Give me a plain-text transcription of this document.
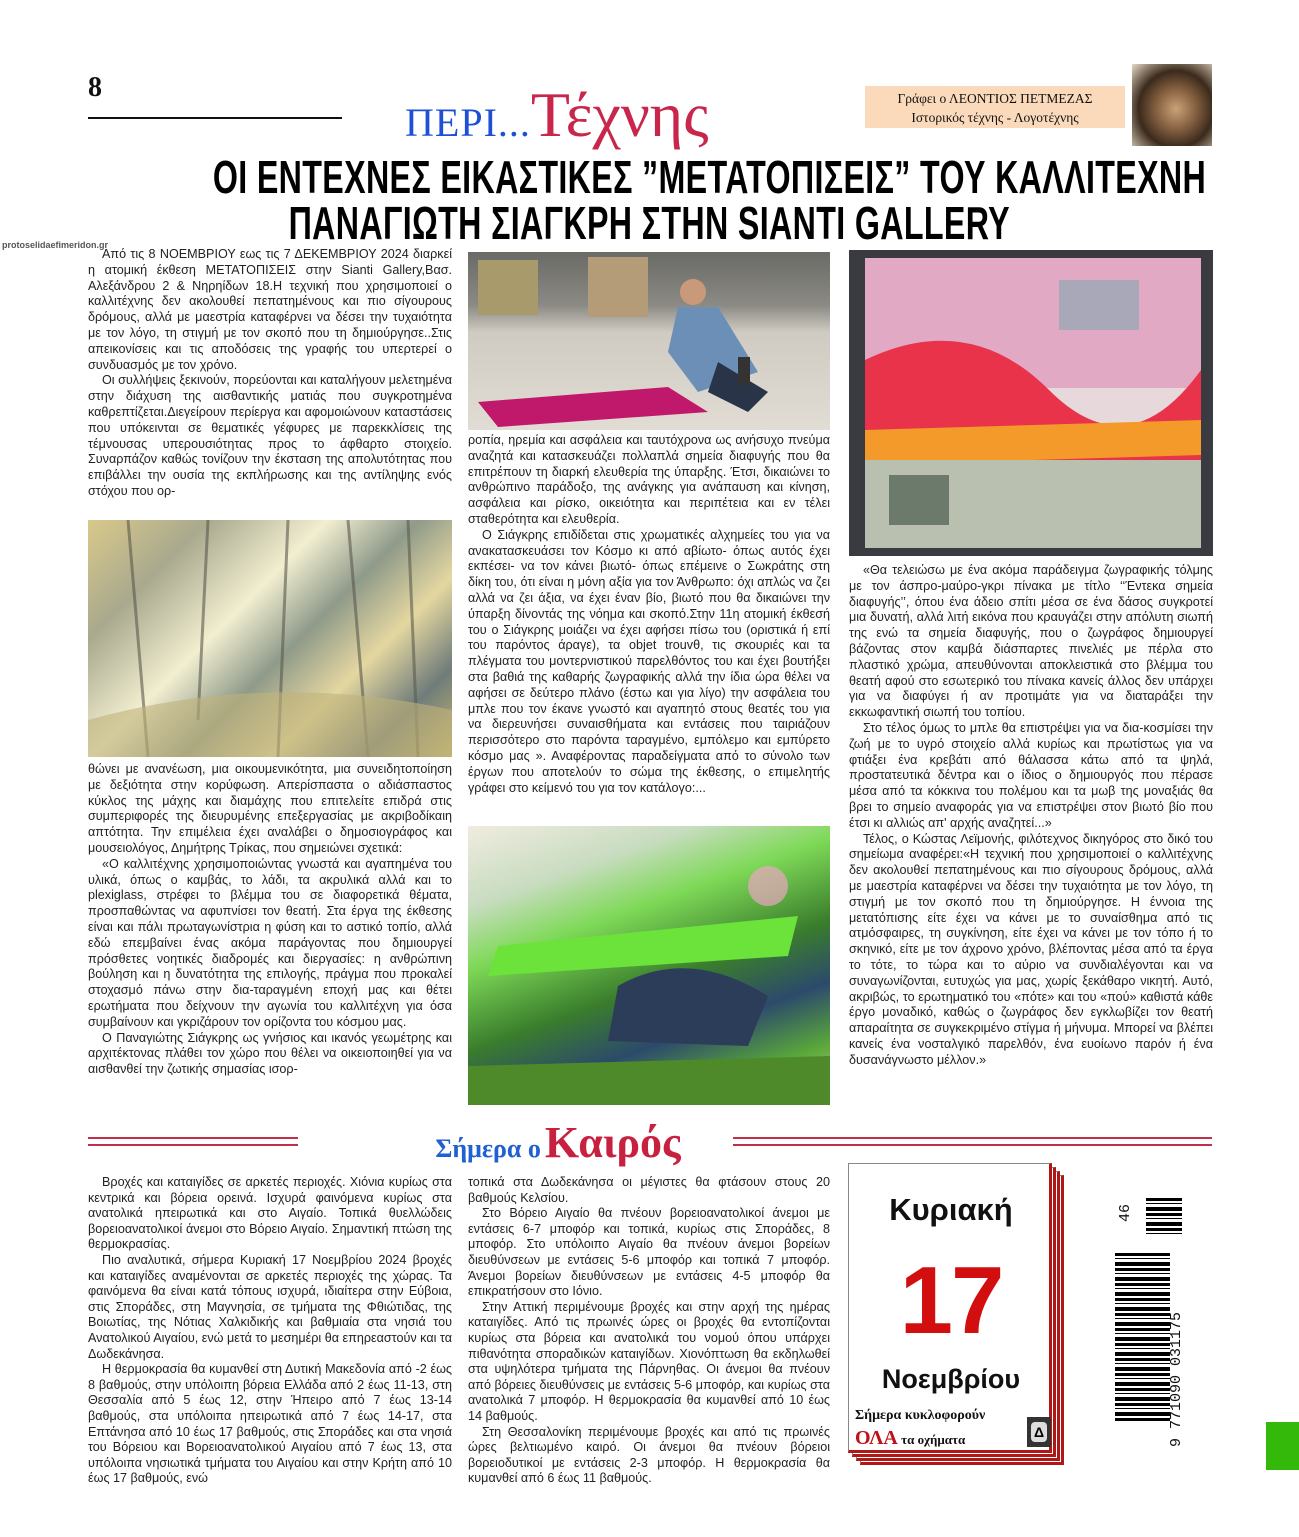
8
ΠΕΡΙ...Τέχνης	Γράφει ο ΛΕΟΝΤΙΟΣ ΠΕΤΜΕΖΑΣ
Ιστορικός τέχνης - Λογοτέχνης
ΟΙ ΕΝΤΕΧΝΕΣ ΕΙΚΑΣΤΙΚΕΣ ”ΜΕΤΑΤΟΠΙΣΕΙΣ” ΤΟΥ ΚΑΛΛΙΤΕΧΝΗ
ΠΑΝΑΓΙΩΤΗ ΣΙΑΓΚΡΗ ΣΤΗΝ SIANTI GALLERY
protoselidaefimeridon.gr

Από τις 8 ΝΟΕΜΒΡΙΟΥ εως τις 7 ΔΕΚΕΜΒΡΙΟΥ 2024 διαρκεί η ατομική έκθεση ΜΕΤΑΤΟΠΙΣΕΙΣ στην Sianti Gallery,Βασ. Αλεξάνδρου 2 & Νηρηίδων 18.Η τεχνική που χρησιμοποιεί ο καλλιτέχνης δεν ακολουθεί πεπατημένους και πιο σίγουρους δρόμους, αλλά με μαεστρία καταφέρνει να δέσει την τυχαιότητα με τον λόγο, τη στιγμή με τον σκοπό που τη δημιούργησε..Στις απεικονίσεις και τις αποδόσεις της γραφής του υπερτερεί ο συνδυασμός με τον χρόνο.

Οι συλλήψεις ξεκινούν, πορεύονται και καταλήγουν μελετημένα στην διάχυση της αισθαντικής ματιάς που συγκροτημένα καθρεπτίζεται.Διεγείρουν περίεργα και αφομοιώνουν καταστάσεις που υπόκεινται σε θεματικές γέφυρες με παρεκκλίσεις της τέμνουσας υπερουσιότητας προς το άφθαρτο στοιχείο. Συναρπάζον καθώς τονίζουν την έκσταση της απολυτότητας που επιβάλλει την ουσία της εκπλήρωσης και της αντίληψης ενός στόχου που ορ-

θώνει με ανανέωση, μια οικουμενικότητα, μια συνειδητοποίηση με δεξιότητα στην κορύφωση. Απερίσπαστα ο αδιάσπαστος κύκλος της μάχης και διαμάχης που επιτελείτε επιδρά στις συμπεριφορές της διευρυμένης επεξεργασίας με ακριβοδίκαιη απτότητα. Την επιμέλεια έχει αναλάβει ο δημοσιογράφος και μουσειολόγος, Δημήτρης Τρίκας, που σημειώνει σχετικά:

«Ο καλλιτέχνης χρησιμοποιώντας γνωστά και αγαπημένα του υλικά, όπως ο καμβάς, το λάδι, τα ακρυλικά αλλά και το plexiglass, στρέφει το βλέμμα του σε διαφορετικά θέματα, προσπαθώντας να αφυπνίσει τον θεατή. Στα έργα της έκθεσης είναι και πάλι πρωταγωνίστρια η φύση και το αστικό τοπίο, αλλά εδώ επεμβαίνει ένας ακόμα παράγοντας που δημιουργεί πρόσθετες νοητικές διαδρομές και διεργασίες: η ανθρώπινη βούληση και η δυνατότητα της επιλογής, πράγμα που προκαλεί στοχασμό πάνω στην δια-ταραγμένη εποχή μας και θέτει ερωτήματα που δείχνουν την αγωνία του καλλιτέχνη για όσα συμβαίνουν και γκριζάρουν τον ορίζοντα του κόσμου μας.

Ο Παναγιώτης Σιάγκρης ως γνήσιος και ικανός γεωμέτρης και αρχιτέκτονας πλάθει τον χώρο που θέλει να οικειοποιηθεί για να αισθανθεί την ζωτικής σημασίας ισορ-

ροπία, ηρεμία και ασφάλεια και ταυτόχρονα ως ανήσυχο πνεύμα αναζητά και κατασκευάζει πολλαπλά σημεία διαφυγής που θα επιτρέπουν τη διαρκή ελευθερία της ύπαρξης. Έτσι, δικαιώνει το ανθρώπινο παράδοξο, της ανάγκης για ανάπαυση και κίνηση, ασφάλεια και ρίσκο, οικειότητα και περιπέτεια και εν τέλει σταθερότητα και ελευθερία.

Ο Σιάγκρης επιδίδεται στις χρωματικές αλχημείες του για να ανακατασκευάσει τον Κόσμο κι από αβίωτο- όπως αυτός έχει εκπέσει- να τον κάνει βιωτό- όπως επέμεινε ο Σωκράτης στη δίκη του, ότι είναι η μόνη αξία για τον Άνθρωπο: όχι απλώς να ζει αλλά να ζει άξια, να έχει έναν βίο, βιωτό που θα δικαιώνει την ύπαρξη δίνοντάς της νόημα και σκοπό.Στην 11η ατομική έκθεσή του ο Σιάγκρης μοιάζει να έχει αφήσει πίσω του (οριστικά ή επί του παρόντος άραγε), τα objet trouvθ, τις σκουριές και τα πλέγματα του μοντερνιστικού παρελθόντος του και έχει βουτήξει στα βαθιά της καθαρής ζωγραφικής αλλά την ίδια ώρα θέλει να αφήσει σε δεύτερο πλάνο (έστω και για λίγο) την ασφάλεια του μπλε που τον έκανε γνωστό και αγαπητό στους θεατές του για να διερευνήσει συναισθήματα και εντάσεις που ταιριάζουν περισσότερο στο παρόντα ταραγμένο, εμπόλεμο και εμπύρετο κόσμο μας ». Αναφέροντας παραδείγματα από το σύνολο των έργων που αποτελούν το σώμα της έκθεσης, ο επιμελητής γράφει στο κείμενό του για τον κατάλογο:...

«Θα τελειώσω με ένα ακόμα παράδειγμα ζωγραφικής τόλμης με τον άσπρο-μαύρο-γκρι πίνακα με τίτλο ‘‘Έντεκα σημεία διαφυγής’’, όπου ένα άδειο σπίτι μέσα σε ένα δάσος συγκροτεί μια δυνατή, αλλά λιτή εικόνα που κραυγάζει στην απόλυτη σιωπή της ενώ τα σημεία διαφυγής, που ο ζωγράφος δημιουργεί βάζοντας στον καμβά διάσπαρτες πινελιές με πέρλα στο πλαστικό χρώμα, απευθύνονται αποκλειστικά στο βλέμμα του θεατή αφού στο εσωτερικό του πίνακα κανείς άλλος δεν υπάρχει για να διαφύγει ή αν προτιμάτε για να διαταράξει την εκκωφαντική σιωπή του τοπίου.

Στο τέλος όμως το μπλε θα επιστρέψει για να δια-κοσμίσει την ζωή με το υγρό στοιχείο αλλά κυρίως και πρωτίστως για να φτιάξει ένα κρεβάτι από θάλασσα κάτω από τα ψηλά, προστατευτικά δέντρα και ο ίδιος ο δημιουργός που πέρασε μέσα από τα κόκκινα του πολέμου και τα μωβ της μοναξιάς θα βρει το σημείο αναφοράς για να επιστρέψει στον βιωτό βίο που έτσι κι αλλιώς απ' αρχής αναζητεί...»

Τέλος, ο Κώστας Λεϊμονής, φιλότεχνος δικηγόρος στο δικό του σημείωμα αναφέρει:«Η τεχνική που χρησιμοποιεί ο καλλιτέχνης δεν ακολουθεί πεπατημένους και πιο σίγουρους δρόμους, αλλά με μαεστρία καταφέρνει να δέσει την τυχαιότητα με τον λόγο, τη στιγμή με τον σκοπό που τη δημιούργησε. Η έννοια της μετατόπισης είτε έχει να κάνει με το συναίσθημα από τις ατμόσφαιρες, τη συγκίνηση, είτε έχει να κάνει με τον τόπο ή το σκηνικό, είτε με τον άχρονο χρόνο, βλέποντας μέσα από τα έργα το τότε, το τώρα και το αύριο να συνδιαλέγονται και να συναγωνίζονται, ευτυχώς για μας, χωρίς ξεκάθαρο νικητή. Αυτό, ακριβώς, το ερωτηματικό του «πότε» και του «πού» καθιστά κάθε έργο μοναδικό, καθώς ο ζωγράφος δεν εγκλωβίζει τον θεατή απαραίτητα σε συγκεκριμένο στίγμα ή μήνυμα. Μπορεί να βλέπει κανείς ένα νοσταλγικό παρελθόν, ένα ευοίωνο παρόν ή ένα δυσανάγνωστο μέλλον.»

Σήμερα ο Καιρός

Βροχές και καταιγίδες σε αρκετές περιοχές. Χιόνια κυρίως στα κεντρικά και βόρεια ορεινά. Ισχυρά φαινόμενα κυρίως στα ανατολικά ηπειρωτικά και στο Αιγαίο. Τοπικά θυελλώδεις βορειοανατολικοί άνεμοι στο Βόρειο Αιγαίο. Σημαντική πτώση της θερμοκρασίας.

Πιο αναλυτικά, σήμερα Κυριακή 17 Νοεμβρίου 2024 βροχές και καταιγίδες αναμένονται σε αρκετές περιοχές της χώρας. Τα φαινόμενα θα είναι κατά τόπους ισχυρά, ιδιαίτερα στην Εύβοια, στις Σποράδες, στη Μαγνησία, σε τμήματα της Φθιώτιδας, της Βοιωτίας, της Νότιας Χαλκιδικής και βαθμιαία στα νησιά του Ανατολικού Αιγαίου, ενώ μετά το μεσημέρι θα επηρεαστούν και τα Δωδεκάνησα.

Η θερμοκρασία θα κυμανθεί στη Δυτική Μακεδονία από -2 έως 8 βαθμούς, στην υπόλοιπη βόρεια Ελλάδα από 2 έως 11-13, στη Θεσσαλία από 5 έως 12, στην Ήπειρο από 7 έως 13-14 βαθμούς, στα υπόλοιπα ηπειρωτικά από 7 έως 14-17, στα Επτάνησα από 10 έως 17 βαθμούς, στις Σποράδες και στα νησιά του Βόρειου και Βορειοανατολικού Αιγαίου από 7 έως 13, στα υπόλοιπα νησιωτικά τμήματα του Αιγαίου και στην Κρήτη από 10 έως 17 βαθμούς, ενώ

τοπικά στα Δωδεκάνησα οι μέγιστες θα φτάσουν στους 20 βαθμούς Κελσίου.

Στο Βόρειο Αιγαίο θα πνέουν βορειοανατολικοί άνεμοι με εντάσεις 6-7 μποφόρ και τοπικά, κυρίως στις Σποράδες, 8 μποφόρ. Στο υπόλοιπο Αιγαίο θα πνέουν άνεμοι βορείων διευθύνσεων με εντάσεις 5-6 μποφόρ και τοπικά 7 μποφόρ. Άνεμοι βορείων διευθύνσεων με εντάσεις 4-5 μποφόρ θα επικρατήσουν στο Ιόνιο.

Στην Αττική περιμένουμε βροχές και στην αρχή της ημέρας καταιγίδες. Από τις πρωινές ώρες οι βροχές θα εντοπίζονται κυρίως στα βόρεια και ανατολικά του νομού όπου υπάρχει πιθανότητα σποραδικών καταιγίδων. Χιονόπτωση θα εκδηλωθεί στα υψηλότερα τμήματα της Πάρνηθας. Οι άνεμοι θα πνέουν από βόρειες διευθύνσεις με εντάσεις 5-6 μποφόρ, και κυρίως στα ανατολικά 7 μποφόρ. Η θερμοκρασία θα κυμανθεί από 10 έως 14 βαθμούς.

Στη Θεσσαλονίκη περιμένουμε βροχές και από τις πρωινές ώρες βελτιωμένο καιρό. Οι άνεμοι θα πνέουν βόρειοι βορειοδυτικοί με εντάσεις 2-3 μποφόρ. Η θερμοκρασία θα κυμανθεί από 6 έως 11 βαθμούς.

Κυριακή
17
Νοεμβρίου
Σήμερα κυκλοφορούν
ΟΛΑ τα οχήματα	Δ
46
9 771090 031175
